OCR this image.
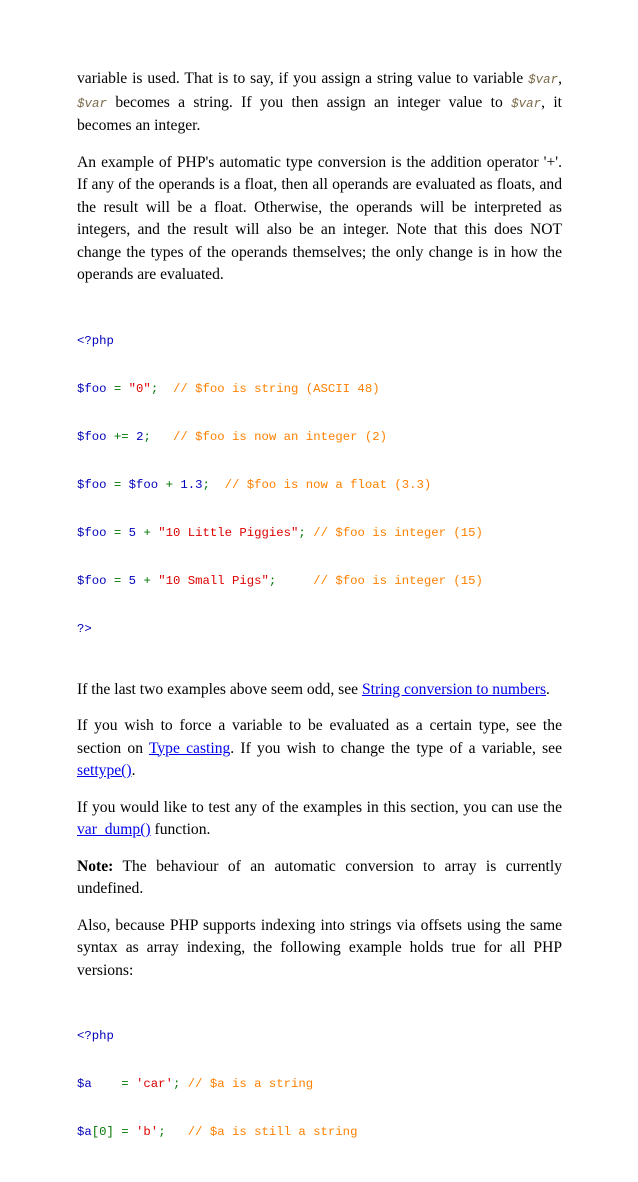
variable is used. That is to say, if you assign a string value to variable $var, $var becomes a string. If you then assign an integer value to $var, it becomes an integer.

An example of PHP's automatic type conversion is the addition operator '+'. If any of the operands is a float, then all operands are evaluated as floats, and the result will be a float. Otherwise, the operands will be interpreted as integers, and the result will also be an integer. Note that this does NOT change the types of the operands themselves; the only change is in how the operands are evaluated.

<?php

$foo = "0";  // $foo is string (ASCII 48)

$foo += 2;   // $foo is now an integer (2)

$foo = $foo + 1.3;  // $foo is now a float (3.3)

$foo = 5 + "10 Little Piggies"; // $foo is integer (15)

$foo = 5 + "10 Small Pigs";     // $foo is integer (15)

?>

If the last two examples above seem odd, see String conversion to numbers.

If you wish to force a variable to be evaluated as a certain type, see the section on Type casting. If you wish to change the type of a variable, see settype().

If you would like to test any of the examples in this section, you can use the var_dump() function.

Note: The behaviour of an automatic conversion to array is currently undefined.

Also, because PHP supports indexing into strings via offsets using the same syntax as array indexing, the following example holds true for all PHP versions:

<?php

$a    = 'car'; // $a is a string

$a[0] = 'b';   // $a is still a string
